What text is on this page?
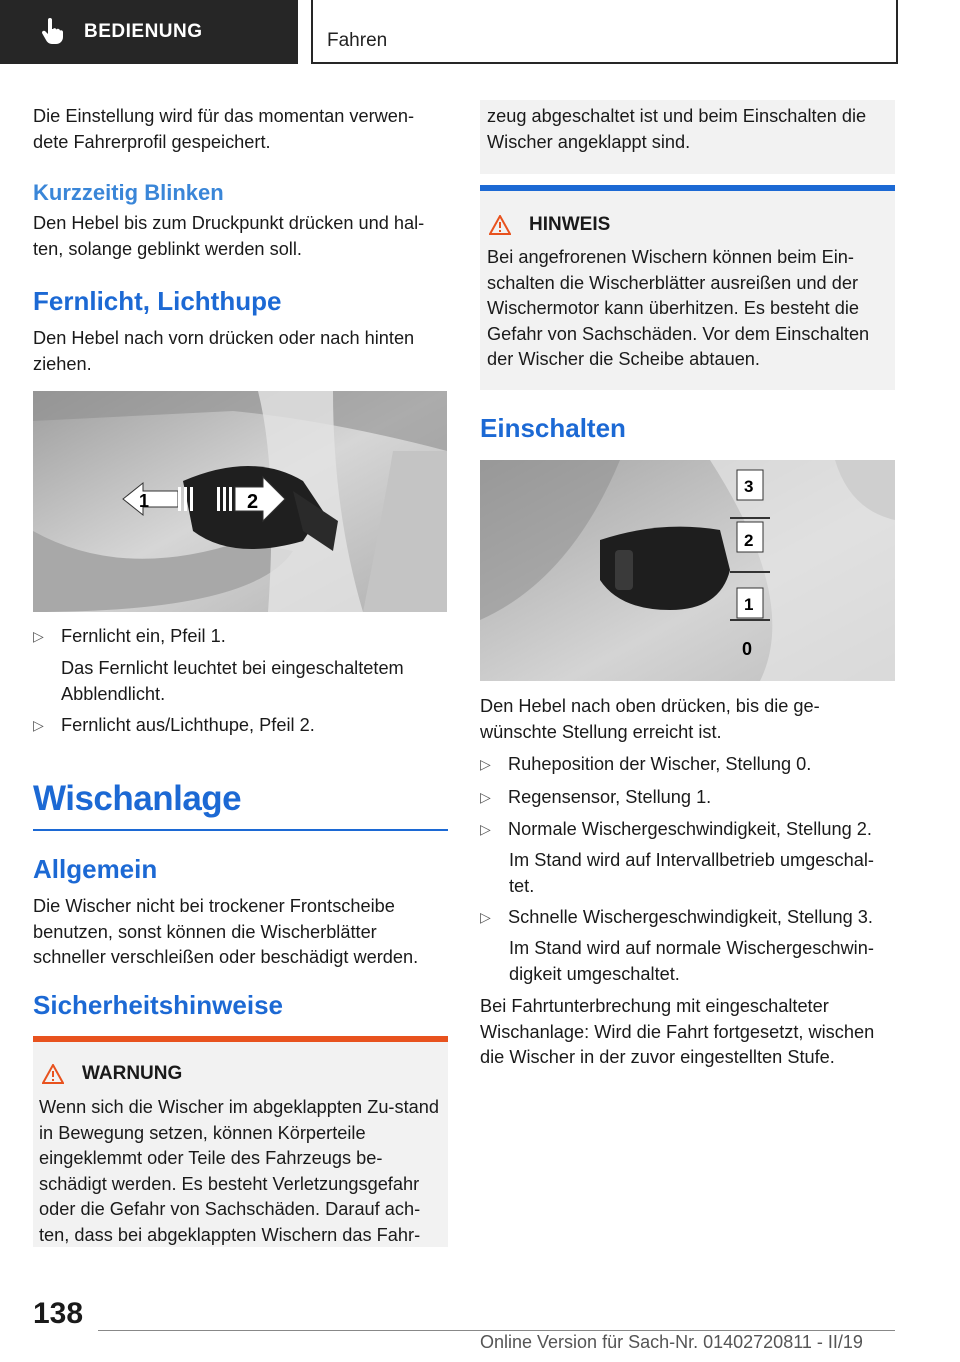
BEDIENUNG	Fahren

Die Einstellung wird für das momentan verwen-dete Fahrerprofil gespeichert.

Kurzzeitig Blinken

Den Hebel bis zum Druckpunkt drücken und hal-ten, solange geblinkt werden soll.

Fernlicht, Lichthupe

Den Hebel nach vorn drücken oder nach hinten ziehen.

1	2
▷ Fernlicht ein, Pfeil 1.
Das Fernlicht leuchtet bei eingeschaltetem Abblendlicht.
▷ Fernlicht aus/Lichthupe, Pfeil 2.
Wischanlage
Allgemein

Die Wischer nicht bei trockener Frontscheibe benutzen, sonst können die Wischerblätter schneller verschleißen oder beschädigt werden.

Sicherheitshinweise
WARNUNG

Wenn sich die Wischer im abgeklappten Zu-stand in Bewegung setzen, können Körperteile eingeklemmt oder Teile des Fahrzeugs be-schädigt werden. Es besteht Verletzungsgefahr oder die Gefahr von Sachschäden. Darauf ach-ten, dass bei abgeklappten Wischern das Fahr-

zeug abgeschaltet ist und beim Einschalten die Wischer angeklappt sind.

HINWEIS

Bei angefrorenen Wischern können beim Ein-schalten die Wischerblätter ausreißen und der Wischermotor kann überhitzen. Es besteht die Gefahr von Sachschäden. Vor dem Einschalten der Wischer die Scheibe abtauen.

Einschalten
3
2
1
0

Den Hebel nach oben drücken, bis die ge-wünschte Stellung erreicht ist.

▷ Ruheposition der Wischer, Stellung 0.
▷ Regensensor, Stellung 1.
▷ Normale Wischergeschwindigkeit, Stellung 2.
Im Stand wird auf Intervallbetrieb umgeschal-tet.
▷ Schnelle Wischergeschwindigkeit, Stellung 3.
Im Stand wird auf normale Wischergeschwin-digkeit umgeschaltet.

Bei Fahrtunterbrechung mit eingeschalteter Wischanlage: Wird die Fahrt fortgesetzt, wischen die Wischer in der zuvor eingestellten Stufe.

138
Online Version für Sach-Nr. 01402720811 - II/19
